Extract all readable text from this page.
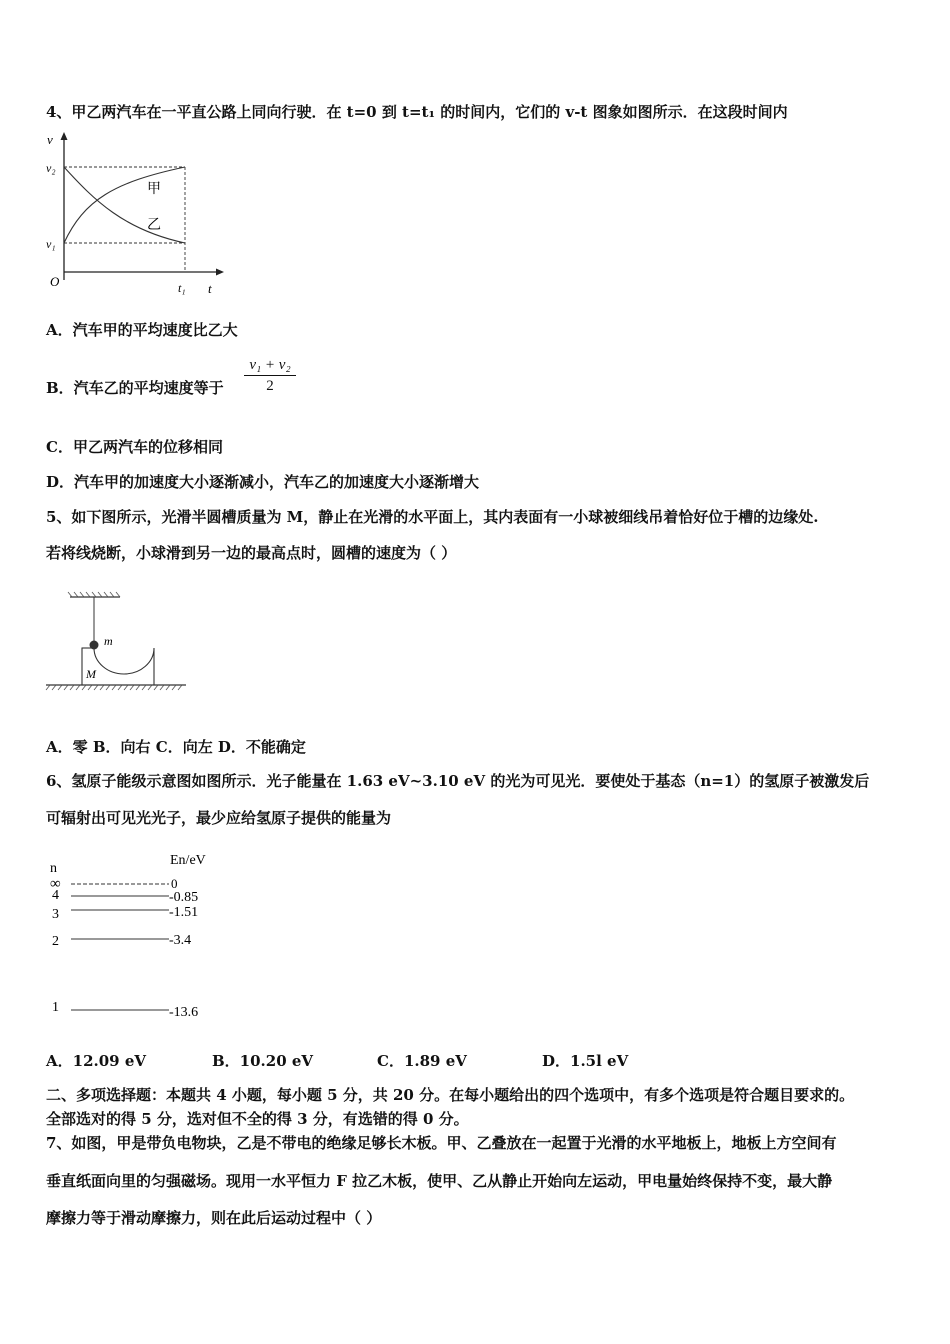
4、甲乙两汽车在一平直公路上同向行驶．在 t=0 到 t=t₁ 的时间内，它们的 v-t 图象如图所示．在这段时间内
v
v₂
v₁
O	t₁ t
甲
乙
A．汽车甲的平均速度比乙大
B．汽车乙的平均速度等于 $\frac{\text{v₁ + v₂}}{2}$
C．甲乙两汽车的位移相同
D．汽车甲的加速度大小逐渐减小，汽车乙的加速度大小逐渐增大
5、如下图所示，光滑半圆槽质量为 M，静止在光滑的水平面上，其内表面有一小球被细线吊着恰好位于槽的边缘处.
若将线烧断，小球滑到另一边的最高点时，圆槽的速度为（ ）
m
M
A．零 B．向右 C．向左 D．不能确定
6、氢原子能级示意图如图所示．光子能量在 1.63 eV~3.10 eV 的光为可见光．要使处于基态（n=1）的氢原子被激发后
可辐射出可见光光子，最少应给氢原子提供的能量为
n
En/eV
∞	0
4	-0.85
3	-1.51
2	-3.4
1	-13.6
A．12.09 eV	B．10.20 eV	C．1.89 eV	D．1.5l eV
二、多项选择题：本题共 4 小题，每小题 5 分，共 20 分。在每小题给出的四个选项中，有多个选项是符合题目要求的。
全部选对的得 5 分，选对但不全的得 3 分，有选错的得 0 分。
7、如图，甲是带负电物块，乙是不带电的绝缘足够长木板。甲、乙叠放在一起置于光滑的水平地板上，地板上方空间有
垂直纸面向里的匀强磁场。现用一水平恒力 F 拉乙木板，使甲、乙从静止开始向左运动，甲电量始终保持不变，最大静
摩擦力等于滑动摩擦力，则在此后运动过程中（ ）
